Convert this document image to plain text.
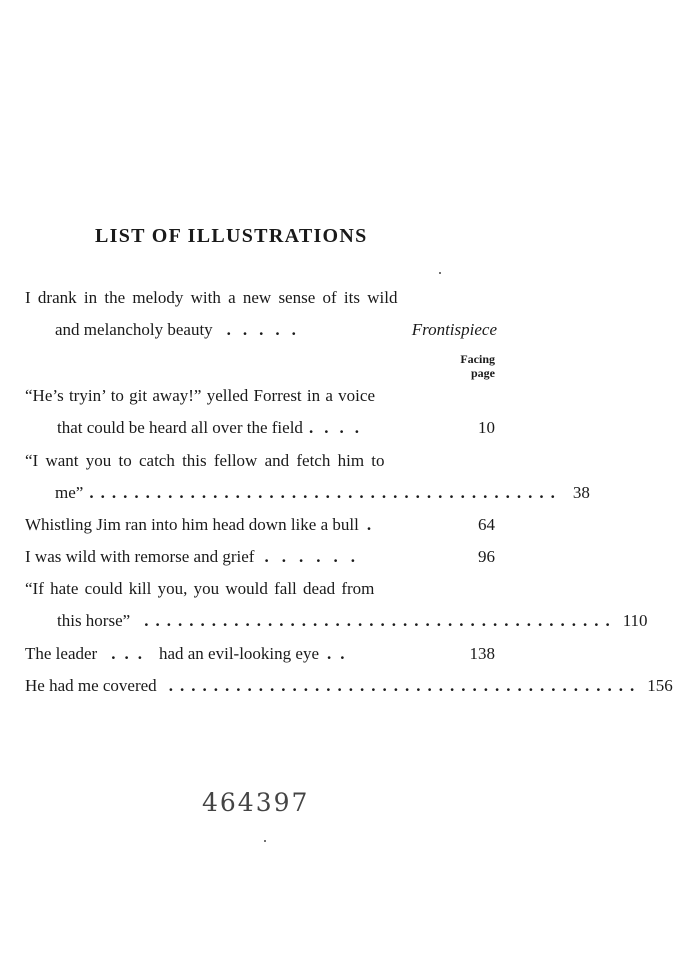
LIST OF ILLUSTRATIONS
I drank in the melody with a new sense of its wild
and melancholy beauty .....	Frontispiece
Facing
page
“He’s tryin’ to git away!” yelled Forrest in a voice
that could be heard all over the field ....	10
“I want you to catch this fellow and fetch him to
me” .......................................... 38
Whistling Jim ran into him head down like a bull .	64
I was wild with remorse and grief ......	96
“If hate could kill you, you would fall dead from
this horse” .......................................... 110
The leader ... had an evil-looking eye ..	138
He had me covered .......................................... 156
464397
